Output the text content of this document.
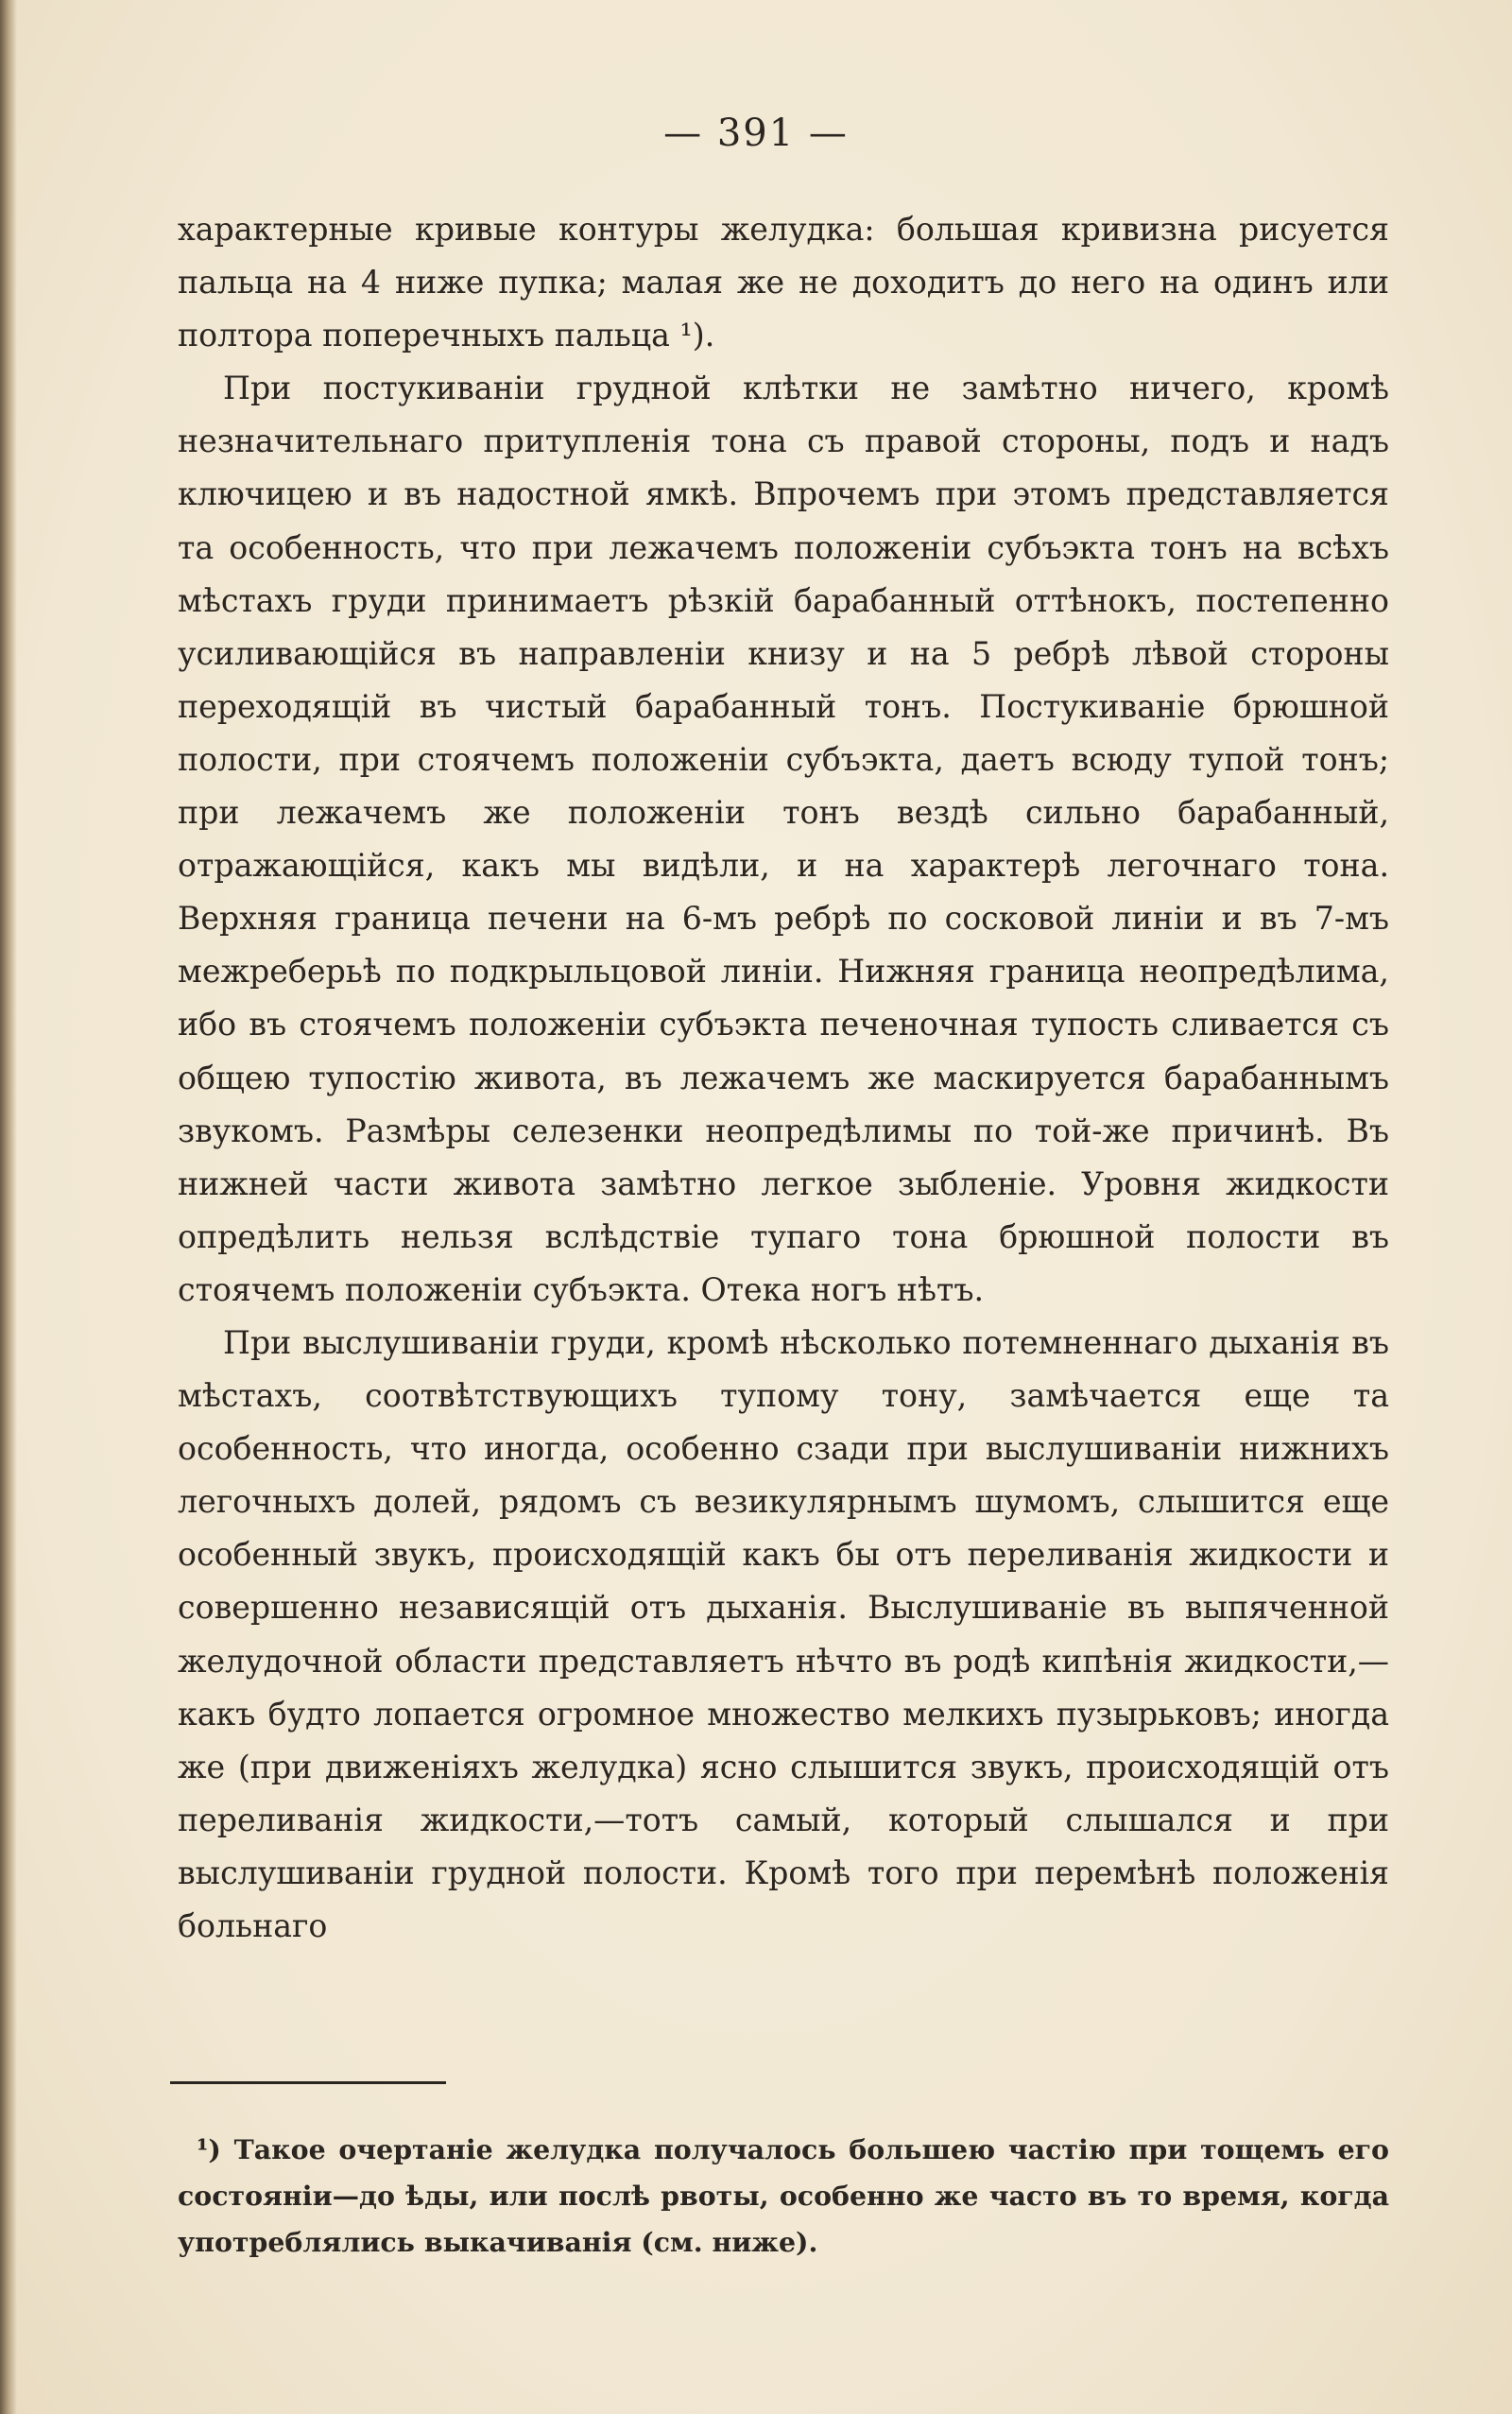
— 391 —

характерные кривые контуры желудка: большая кривизна рисуется пальца на 4 ниже пупка; малая же не доходитъ до него на одинъ или полтора поперечныхъ пальца ¹).

При постукиванiи грудной клѣтки не замѣтно ничего, кромѣ незначительнаго притупленiя тона съ правой стороны, подъ и надъ ключицею и въ надостной ямкѣ. Впрочемъ при этомъ представляется та особенность, что при лежачемъ положенiи субъэкта тонъ на всѣхъ мѣстахъ груди принимаетъ рѣзкiй барабанный оттѣнокъ, постепенно усиливающiйся въ направленiи книзу и на 5 ребрѣ лѣвой стороны переходящiй въ чистый барабанный тонъ. Постукиванiе брюшной полости, при стоячемъ положенiи субъэкта, даетъ всюду тупой тонъ; при лежачемъ же положенiи тонъ вездѣ сильно барабанный, отражающiйся, какъ мы видѣли, и на характерѣ легочнаго тона. Верхняя граница печени на 6-мъ ребрѣ по сосковой линiи и въ 7-мъ межреберьѣ по подкрыльцовой линiи. Нижняя граница неопредѣлима, ибо въ стоячемъ положенiи субъэкта печеночная тупость сливается съ общею тупостiю живота, въ лежачемъ же маскируется барабаннымъ звукомъ. Размѣры селезенки неопредѣлимы по той-же причинѣ. Въ нижней части живота замѣтно легкое зыбленiе. Уровня жидкости опредѣлить нельзя вслѣдствiе тупаго тона брюшной полости въ стоячемъ положенiи субъэкта. Отека ногъ нѣтъ.

При выслушиванiи груди, кромѣ нѣсколько потемненнаго дыханiя въ мѣстахъ, соотвѣтствующихъ тупому тону, замѣчается еще та особенность, что иногда, особенно сзади при выслушиванiи нижнихъ легочныхъ долей, рядомъ съ везикулярнымъ шумомъ, слышится еще особенный звукъ, происходящiй какъ бы отъ переливанiя жидкости и совершенно независящiй отъ дыханiя. Выслушиванiе въ выпяченной желудочной области представляетъ нѣчто въ родѣ кипѣнiя жидкости,—какъ будто лопается огромное множество мелкихъ пузырьковъ; иногда же (при движенiяхъ желудка) ясно слышится звукъ, происходящiй отъ переливанiя жидкости,—тотъ самый, который слышался и при выслушиванiи грудной полости. Кромѣ того при перемѣнѣ положенiя больнаго

¹) Такое очертанiе желудка получалось большею частiю при тощемъ его состоянiи—до ѣды, или послѣ рвоты, особенно же часто въ то время, когда употреблялись выкачиванiя (см. ниже).
